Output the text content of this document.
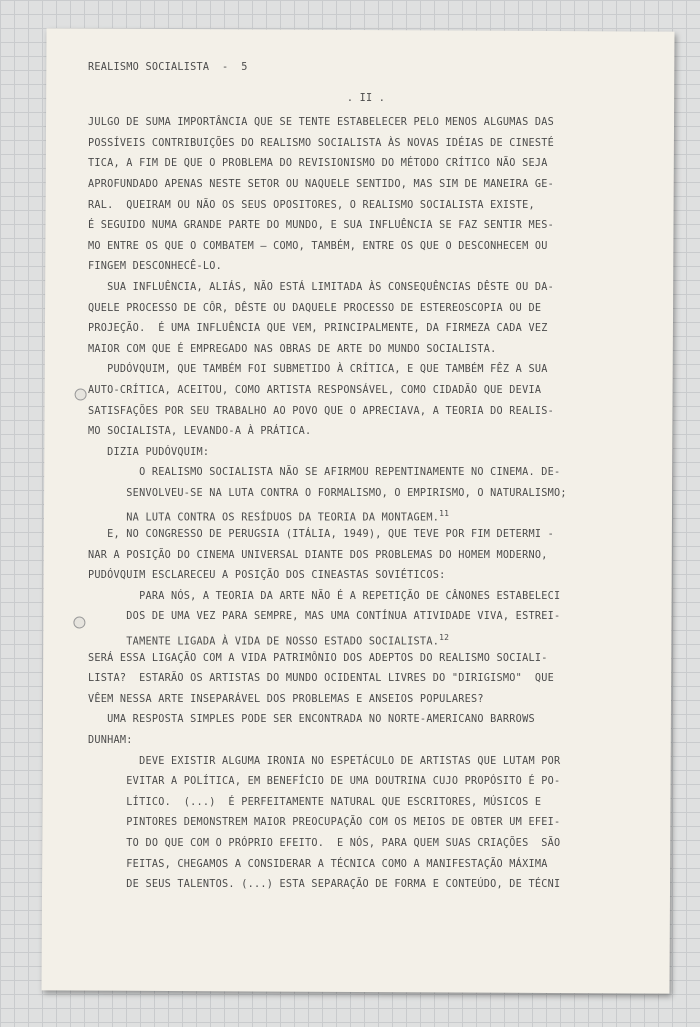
REALISMO SOCIALISTA  -  5
. II .
JULGO DE SUMA IMPORTÂNCIA QUE SE TENTE ESTABELECER PELO MENOS ALGUMAS DAS
POSSÍVEIS CONTRIBUIÇÕES DO REALISMO SOCIALISTA ÀS NOVAS IDÉIAS DE CINESTÉ
TICA, A FIM DE QUE O PROBLEMA DO REVISIONISMO DO MÉTODO CRÍTICO NÃO SEJA
APROFUNDADO APENAS NESTE SETOR OU NAQUELE SENTIDO, MAS SIM DE MANEIRA GE-
RAL.  QUEIRAM OU NÃO OS SEUS OPOSITORES, O REALISMO SOCIALISTA EXISTE,
É SEGUIDO NUMA GRANDE PARTE DO MUNDO, E SUA INFLUÊNCIA SE FAZ SENTIR MES-
MO ENTRE OS QUE O COMBATEM — COMO, TAMBÉM, ENTRE OS QUE O DESCONHECEM OU
FINGEM DESCONHECÊ-LO.
SUA INFLUÊNCIA, ALIÁS, NÃO ESTÁ LIMITADA ÀS CONSEQUÊNCIAS DÊSTE OU DA-
QUELE PROCESSO DE CÔR, DÊSTE OU DAQUELE PROCESSO DE ESTEREOSCOPIA OU DE
PROJEÇÃO.  É UMA INFLUÊNCIA QUE VEM, PRINCIPALMENTE, DA FIRMEZA CADA VEZ
MAIOR COM QUE É EMPREGADO NAS OBRAS DE ARTE DO MUNDO SOCIALISTA.
PUDÓVQUIM, QUE TAMBÉM FOI SUBMETIDO À CRÍTICA, E QUE TAMBÉM FÊZ A SUA
AUTO-CRÍTICA, ACEITOU, COMO ARTISTA RESPONSÁVEL, COMO CIDADÃO QUE DEVIA
SATISFAÇÕES POR SEU TRABALHO AO POVO QUE O APRECIAVA, A TEORIA DO REALIS-
MO SOCIALISTA, LEVANDO-A À PRÁTICA.
DIZIA PUDÓVQUIM:
O REALISMO SOCIALISTA NÃO SE AFIRMOU REPENTINAMENTE NO CINEMA. DE-
SENVOLVEU-SE NA LUTA CONTRA O FORMALISMO, O EMPIRISMO, O NATURALISMO;
NA LUTA CONTRA OS RESÍDUOS DA TEORIA DA MONTAGEM.$^{11}$
E, NO CONGRESSO DE PERUGSIA (ITÁLIA, 1949), QUE TEVE POR FIM DETERMI -
NAR A POSIÇÃO DO CINEMA UNIVERSAL DIANTE DOS PROBLEMAS DO HOMEM MODERNO,
PUDÓVQUIM ESCLARECEU A POSIÇÃO DOS CINEASTAS SOVIÉTICOS:
PARA NÓS, A TEORIA DA ARTE NÃO É A REPETIÇÃO DE CÂNONES ESTABELECI
DOS DE UMA VEZ PARA SEMPRE, MAS UMA CONTÍNUA ATIVIDADE VIVA, ESTREI-
TAMENTE LIGADA À VIDA DE NOSSO ESTADO SOCIALISTA.$^{12}$
SERÁ ESSA LIGAÇÃO COM A VIDA PATRIMÔNIO DOS ADEPTOS DO REALISMO SOCIALI-
LISTA?  ESTARÃO OS ARTISTAS DO MUNDO OCIDENTAL LIVRES DO "DIRIGISMO"  QUE
VÊEM NESSA ARTE INSEPARÁVEL DOS PROBLEMAS E ANSEIOS POPULARES?
UMA RESPOSTA SIMPLES PODE SER ENCONTRADA NO NORTE-AMERICANO BARROWS
DUNHAM:
DEVE EXISTIR ALGUMA IRONIA NO ESPETÁCULO DE ARTISTAS QUE LUTAM POR
EVITAR A POLÍTICA, EM BENEFÍCIO DE UMA DOUTRINA CUJO PROPÓSITO É PO-
LÍTICO.  (...)  É PERFEITAMENTE NATURAL QUE ESCRITORES, MÚSICOS E
PINTORES DEMONSTREM MAIOR PREOCUPAÇÃO COM OS MEIOS DE OBTER UM EFEI-
TO DO QUE COM O PRÓPRIO EFEITO.  E NÓS, PARA QUEM SUAS CRIAÇÕES  SÃO
FEITAS, CHEGAMOS A CONSIDERAR A TÉCNICA COMO A MANIFESTAÇÃO MÁXIMA
DE SEUS TALENTOS. (...) ESTA SEPARAÇÃO DE FORMA E CONTEÚDO, DE TÉCNI
